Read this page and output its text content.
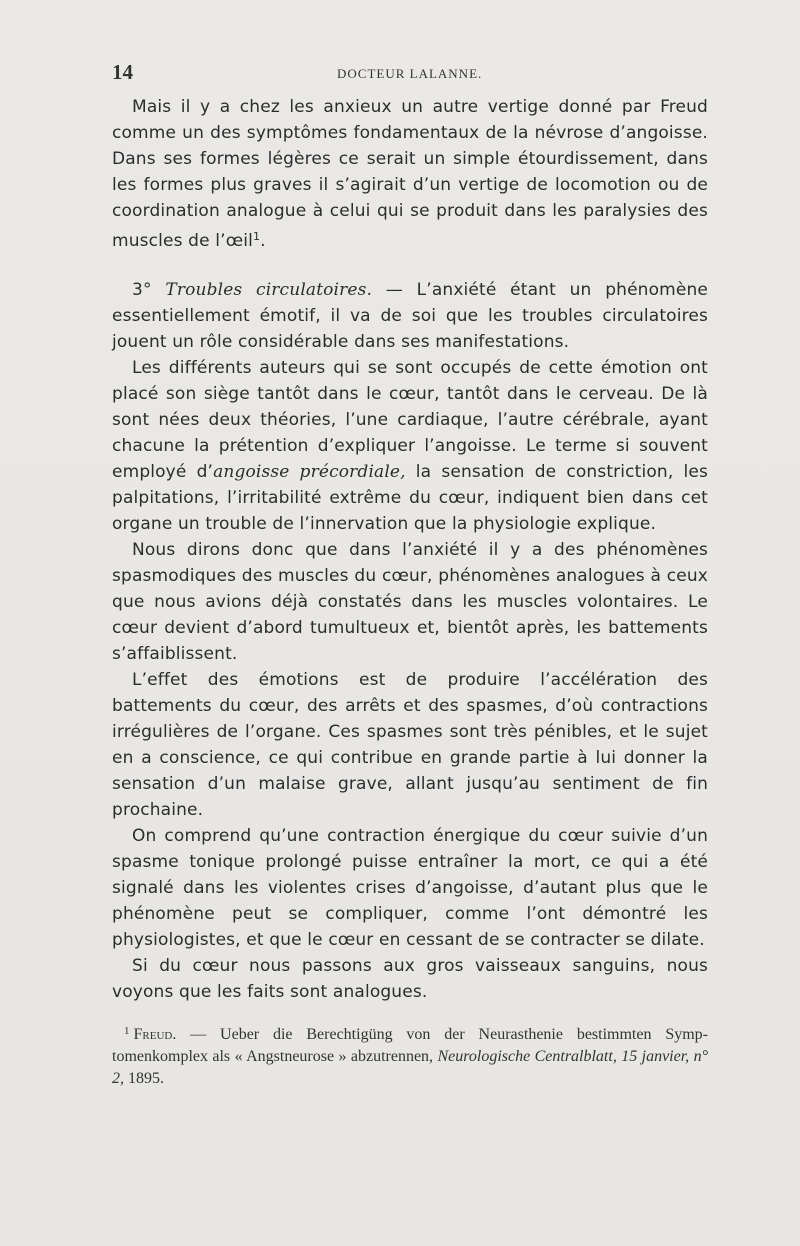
14	DOCTEUR LALANNE.

Mais il y a chez les anxieux un autre vertige donné par Freud comme un des symptômes fondamentaux de la névrose d’angoisse. Dans ses formes légères ce serait un simple étourdissement, dans les formes plus graves il s’agirait d’un vertige de locomotion ou de coordination analogue à celui qui se produit dans les paralysies des muscles de l’œil$^1$.

3° Troubles circulatoires. — L’anxiété étant un phénomène essentiellement émotif, il va de soi que les troubles circulatoires jouent un rôle considérable dans ses manifestations.

Les différents auteurs qui se sont occupés de cette émotion ont placé son siège tantôt dans le cœur, tantôt dans le cerveau. De là sont nées deux théories, l’une cardiaque, l’autre cérébrale, ayant chacune la prétention d’expliquer l’angoisse. Le terme si souvent employé d’angoisse précordiale, la sensation de constriction, les palpitations, l’irritabilité extrême du cœur, indiquent bien dans cet organe un trouble de l’innervation que la physiologie explique.

Nous dirons donc que dans l’anxiété il y a des phénomènes spasmodiques des muscles du cœur, phénomènes analogues à ceux que nous avions déjà constatés dans les muscles volontaires. Le cœur devient d’abord tumultueux et, bientôt après, les battements s’affaiblissent.

L’effet des émotions est de produire l’accélération des battements du cœur, des arrêts et des spasmes, d’où contractions irrégulières de l’organe. Ces spasmes sont très pénibles, et le sujet en a conscience, ce qui contribue en grande partie à lui donner la sensation d’un malaise grave, allant jusqu’au sentiment de fin prochaine.

On comprend qu’une contraction énergique du cœur suivie d’un spasme tonique prolongé puisse entraîner la mort, ce qui a été signalé dans les violentes crises d’angoisse, d’autant plus que le phénomène peut se compliquer, comme l’ont démontré les physiologistes, et que le cœur en cessant de se contracter se dilate.

Si du cœur nous passons aux gros vaisseaux sanguins, nous voyons que les faits sont analogues.

$^1$ Freud. — Ueber die Berechtigüng von der Neurasthenie bestimmten Symptomenkomplex als « Angstneurose » abzutrennen, Neurologische Centralblatt, 15 janvier, n° 2, 1895.
